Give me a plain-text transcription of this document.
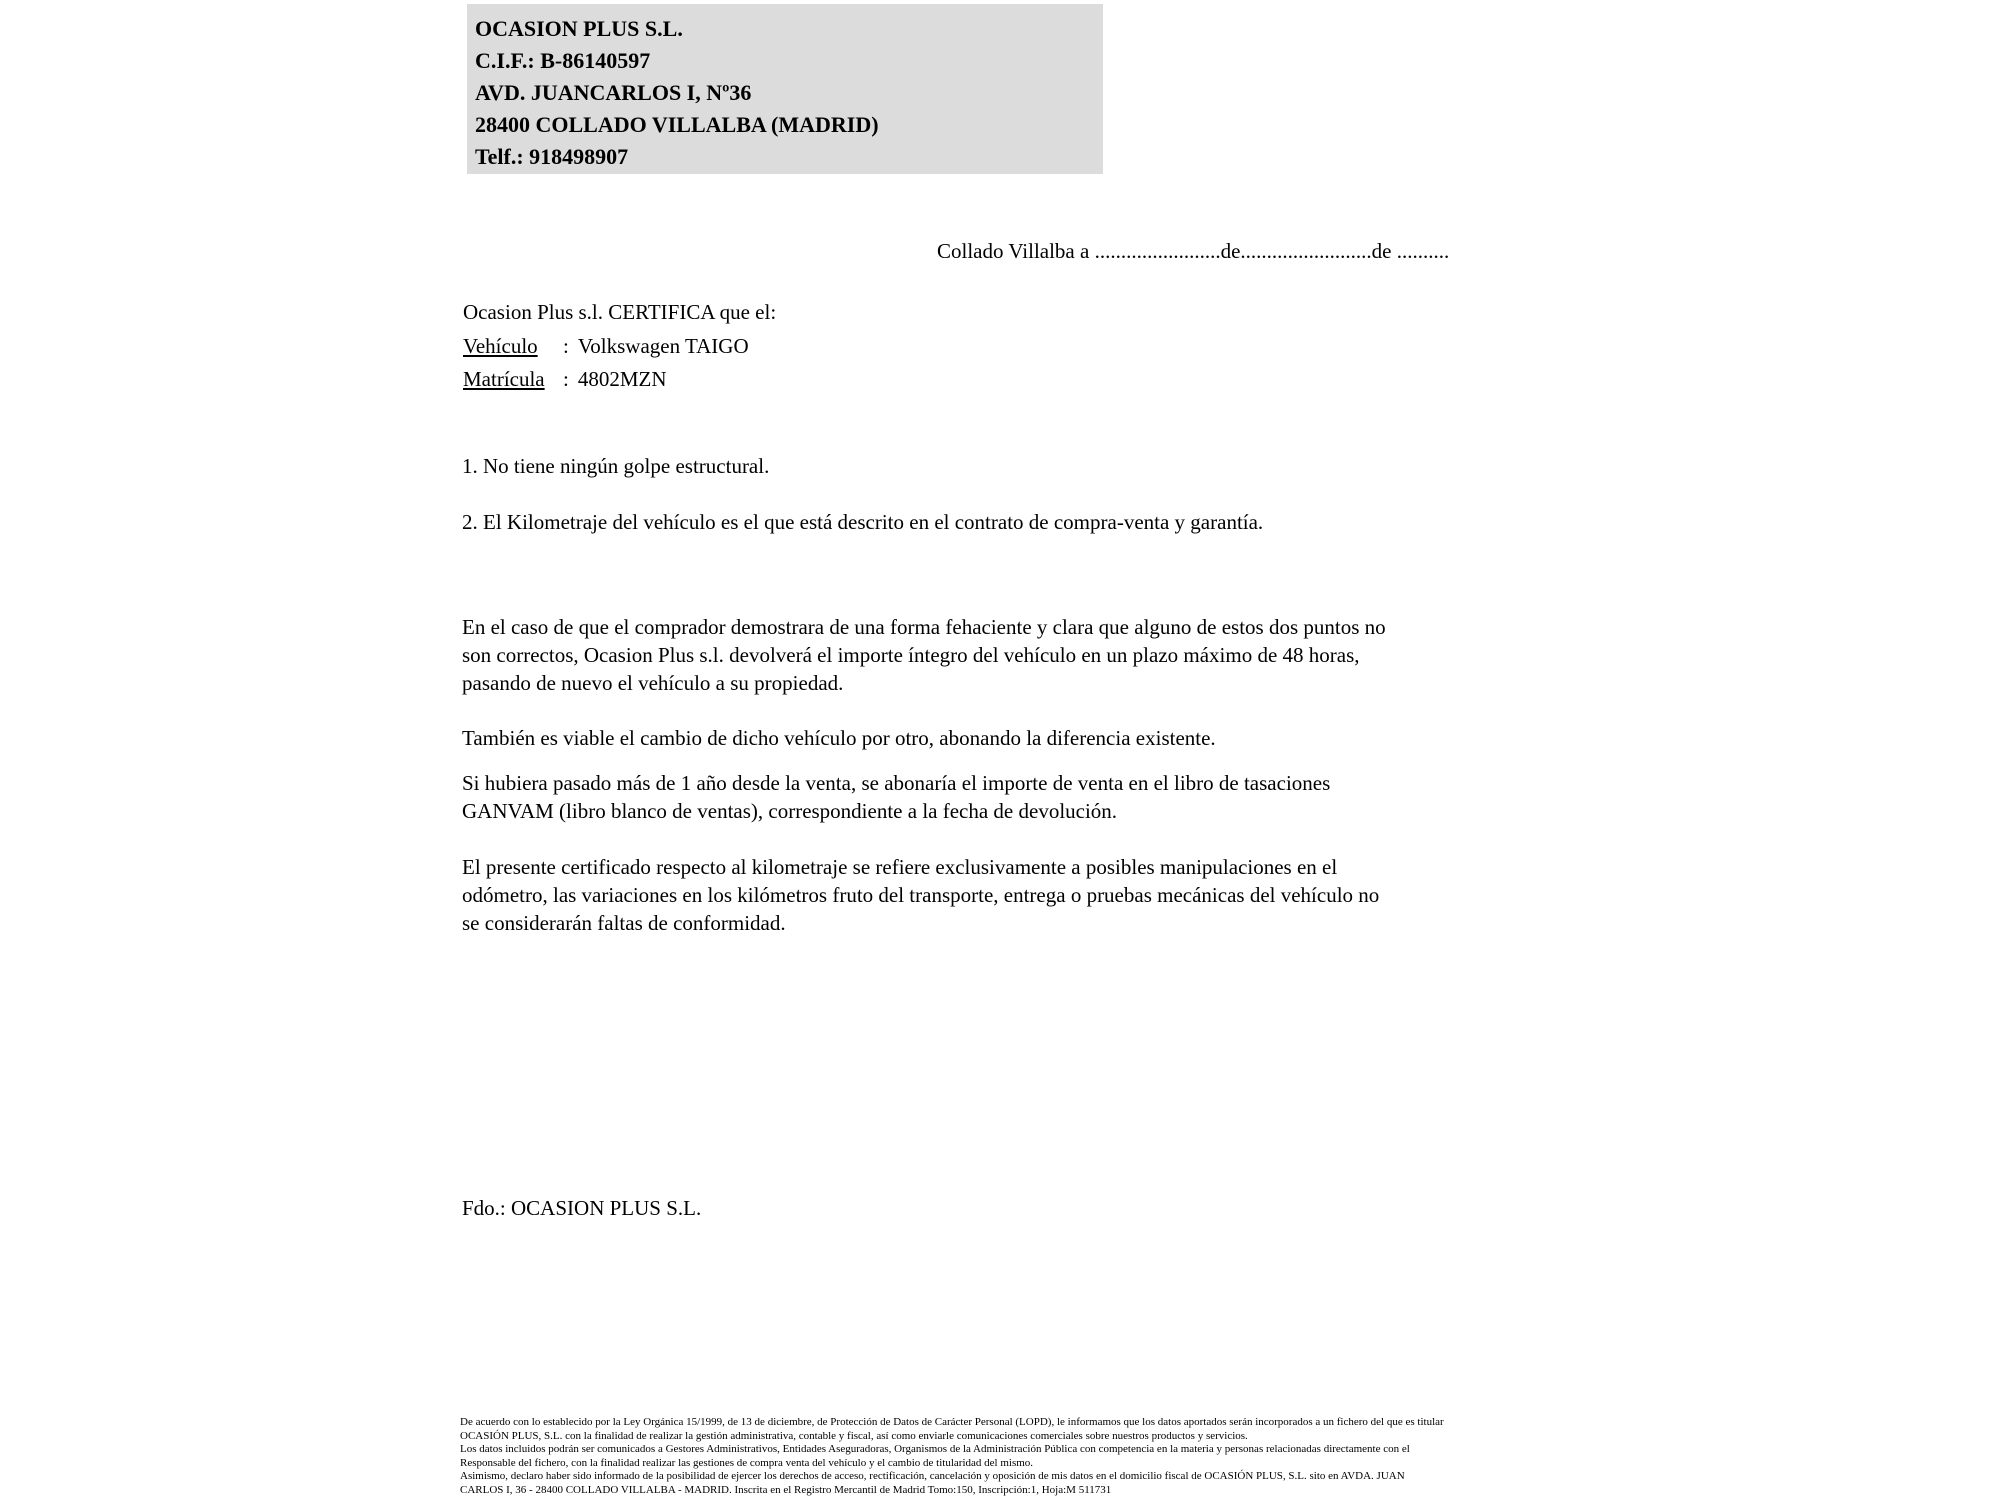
OCASION PLUS S.L.
C.I.F.: B-86140597
AVD. JUANCARLOS I, Nº36
28400 COLLADO VILLALBA (MADRID)
Telf.: 918498907
Collado Villalba a ........................de.........................de ..........
Ocasion Plus s.l. CERTIFICA que el:
Vehículo : Volkswagen TAIGO
Matrícula : 4802MZN
1. No tiene ningún golpe estructural.
2. El Kilometraje del vehículo es el que está descrito en el contrato de compra-venta y garantía.
En el caso de que el comprador demostrara de una forma fehaciente y clara que alguno de estos dos puntos no
son correctos, Ocasion Plus s.l. devolverá el importe íntegro del vehículo en un plazo máximo de 48 horas,
pasando de nuevo el vehículo a su propiedad.
También es viable el cambio de dicho vehículo por otro, abonando la diferencia existente.
Si hubiera pasado más de 1 año desde la venta, se abonaría el importe de venta en el libro de tasaciones
GANVAM (libro blanco de ventas), correspondiente a la fecha de devolución.
El presente certificado respecto al kilometraje se refiere exclusivamente a posibles manipulaciones en el
odómetro, las variaciones en los kilómetros fruto del transporte, entrega o pruebas mecánicas del vehículo no
se considerarán faltas de conformidad.
Fdo.: OCASION PLUS S.L.
De acuerdo con lo establecido por la Ley Orgánica 15/1999, de 13 de diciembre, de Protección de Datos de Carácter Personal (LOPD), le informamos que los datos aportados serán incorporados a un fichero del que es titular
OCASIÓN PLUS, S.L. con la finalidad de realizar la gestión administrativa, contable y fiscal, así como enviarle comunicaciones comerciales sobre nuestros productos y servicios.
Los datos incluidos podrán ser comunicados a Gestores Administrativos, Entidades Aseguradoras, Organismos de la Administración Pública con competencia en la materia y personas relacionadas directamente con el
Responsable del fichero, con la finalidad realizar las gestiones de compra venta del vehículo y el cambio de titularidad del mismo.
Asimismo, declaro haber sido informado de la posibilidad de ejercer los derechos de acceso, rectificación, cancelación y oposición de mis datos en el domicilio fiscal de OCASIÓN PLUS, S.L. sito en AVDA. JUAN
CARLOS I, 36 - 28400 COLLADO VILLALBA - MADRID. Inscrita en el Registro Mercantil de Madrid Tomo:150, Inscripción:1, Hoja:M 511731
